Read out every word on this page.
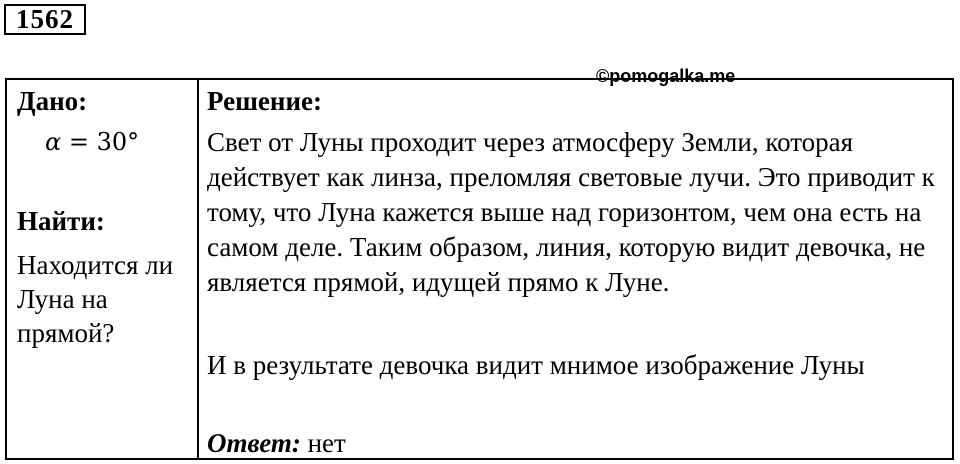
1562
©pomogalka.me
Дано:
α = 30°
Найти:
Находится ли Луна на прямой?
Решение:
Свет от Луны проходит через атмосферу Земли, которая действует как линза, преломляя световые лучи. Это приводит к тому, что Луна кажется выше над горизонтом, чем она есть на самом деле. Таким образом, линия, которую видит девочка, не является прямой, идущей прямо к Луне.
И в результате девочка видит мнимое изображение Луны
Ответ: нет
